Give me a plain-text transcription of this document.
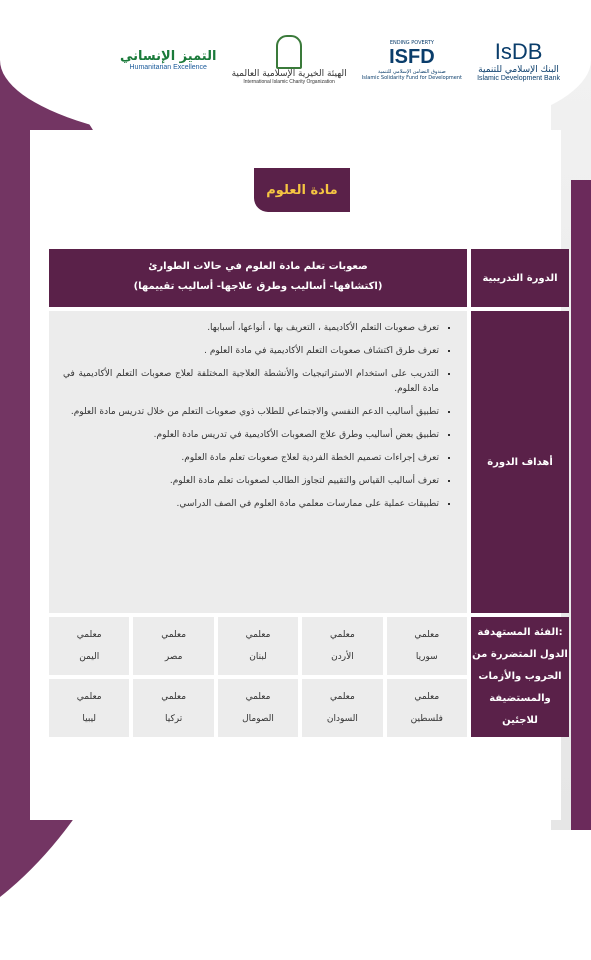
التميز الإنساني
Humanitarian Excellence
الهيئة الخيرية الإسلامية العالمية
International Islamic Charity Organization
ENDING POVERTY
ISFD
صندوق التضامن الإسلامي للتنمية
Islamic Solidarity Fund for Development
IsDB
البنك الإسلامي للتنمية
Islamic Development Bank
مادة العلوم
الدورة التدريبية
صعوبات تعلم مادة العلوم في حالات الطوارئ
(اكتشافها- أساليب وطرق علاجها- أساليب تقييمها)
أهداف الدورة
▪ تعرف صعوبات التعلم الأكاديمية ، التعريف بها ، أنواعها، أسبابها.
▪ تعرف طرق اكتشاف صعوبات التعلم الأكاديمية في مادة العلوم .
▪ التدريب على استخدام الاستراتيجيات والأنشطة العلاجية المختلفة لعلاج صعوبات التعلم الأكاديمية في مادة العلوم.
▪ تطبيق أساليب الدعم النفسي والاجتماعي للطلاب ذوي صعوبات التعلم من خلال تدريس مادة العلوم.
▪ تطبيق بعض أساليب وطرق علاج الصعوبات الأكاديمية في تدريس مادة العلوم.
▪ تعرف إجراءات تصميم الخطة الفردية لعلاج صعوبات تعلم مادة العلوم.
▪ تعرف أساليب القياس والتقييم لتجاوز الطالب لصعوبات تعلم مادة العلوم.
▪ تطبيقات عملية على ممارسات معلمي مادة العلوم في الصف الدراسي.
الفئة المستهدفة:
الدول المتضررة من
الحروب والأزمات
والمستضيفة للاجئين
معلمي
سوريا
معلمي
الأردن
معلمي
لبنان
معلمي
مصر
معلمي
اليمن
معلمي
فلسطين
معلمي
السودان
معلمي
الصومال
معلمي
تركيا
معلمي
ليبيا
